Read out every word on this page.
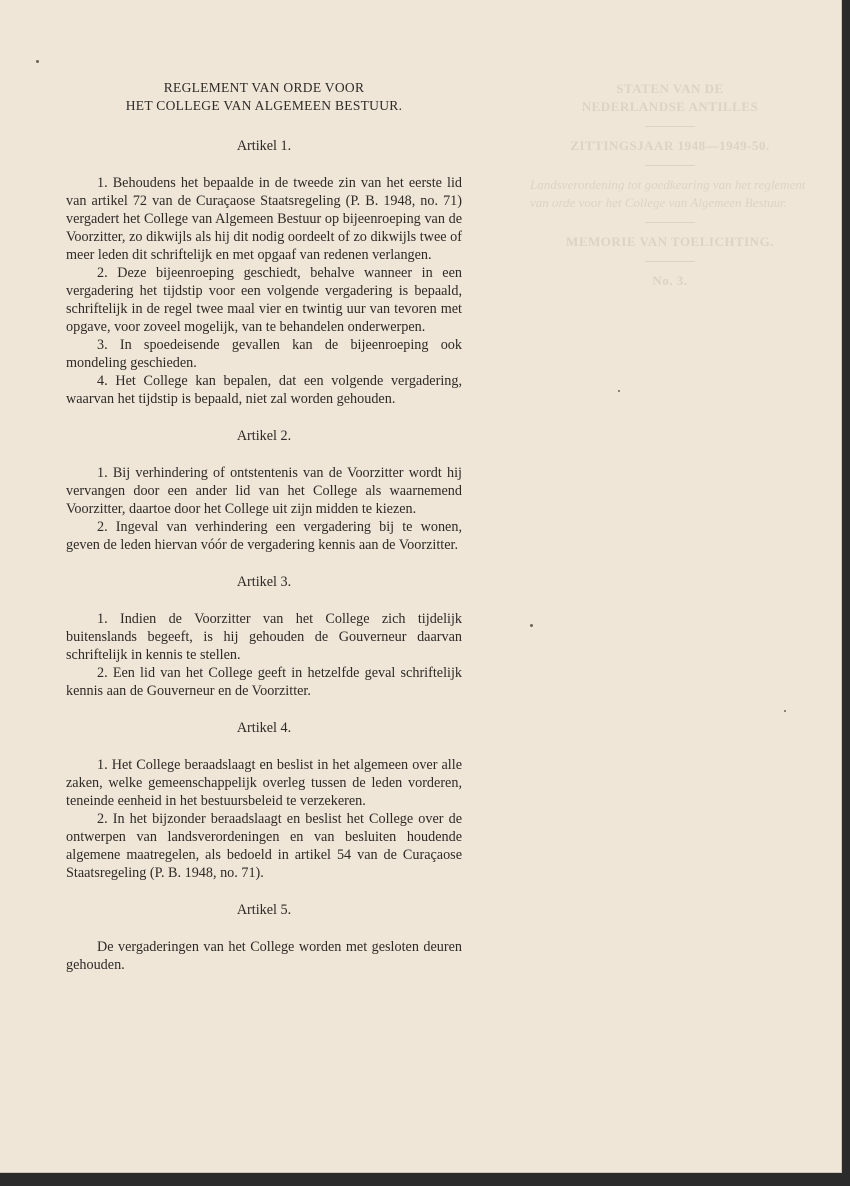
STATEN VAN DE
NEDERLANDSE ANTILLES
ZITTINGSJAAR 1948—1949-50.
Landsverordening tot goedkeuring van het reglement van orde voor het College van Algemeen Bestuur.
MEMORIE VAN TOELICHTING.
No. 3.
REGLEMENT VAN ORDE VOOR
HET COLLEGE VAN ALGEMEEN BESTUUR.
Artikel 1.

1. Behoudens het bepaalde in de tweede zin van het eerste lid van artikel 72 van de Curaçaose Staatsregeling (P. B. 1948, no. 71) vergadert het College van Algemeen Bestuur op bijeenroeping van de Voorzitter, zo dikwijls als hij dit nodig oordeelt of zo dikwijls twee of meer leden dit schriftelijk en met opgaaf van redenen verlangen.

2. Deze bijeenroeping geschiedt, behalve wanneer in een vergadering het tijdstip voor een volgende vergadering is bepaald, schriftelijk in de regel twee maal vier en twintig uur van tevoren met opgave, voor zoveel mogelijk, van te behandelen onderwerpen.

3. In spoedeisende gevallen kan de bijeenroeping ook mondeling geschieden.

4. Het College kan bepalen, dat een volgende vergadering, waarvan het tijdstip is bepaald, niet zal worden gehouden.

Artikel 2.

1. Bij verhindering of ontstentenis van de Voorzitter wordt hij vervangen door een ander lid van het College als waarnemend Voorzitter, daartoe door het College uit zijn midden te kiezen.

2. Ingeval van verhindering een vergadering bij te wonen, geven de leden hiervan vóór de vergadering kennis aan de Voorzitter.

Artikel 3.

1. Indien de Voorzitter van het College zich tijdelijk buitenslands begeeft, is hij gehouden de Gouverneur daarvan schriftelijk in kennis te stellen.

2. Een lid van het College geeft in hetzelfde geval schriftelijk kennis aan de Gouverneur en de Voorzitter.

Artikel 4.

1. Het College beraadslaagt en beslist in het algemeen over alle zaken, welke gemeenschappelijk overleg tussen de leden vorderen, teneinde eenheid in het bestuursbeleid te verzekeren.

2. In het bijzonder beraadslaagt en beslist het College over de ontwerpen van landsverordeningen en van besluiten houdende algemene maatregelen, als bedoeld in artikel 54 van de Curaçaose Staatsregeling (P. B. 1948, no. 71).

Artikel 5.

De vergaderingen van het College worden met gesloten deuren gehouden.
